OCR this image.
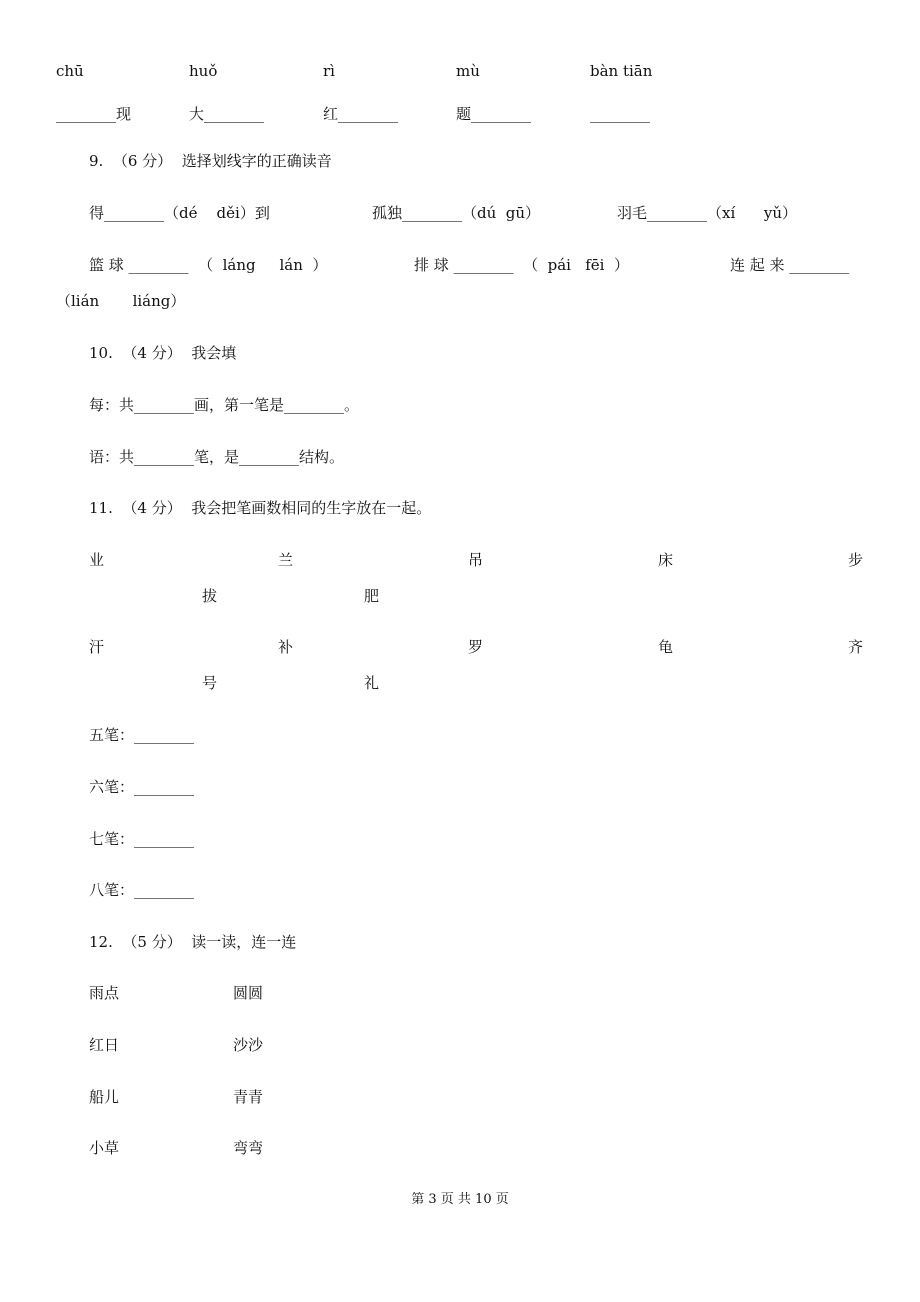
chū	huǒ	rì	mù	bàn tiān
________现	大________	红________	题________	________
9.  （6 分）  选择划线字的正确读音
得________（dé    děi）到	孤独________（dú  gū）	羽毛________（xí      yǔ）
篮 球 ________  （  láng     lán  ）	排 球 ________  （  pái   fēi  ）	连 起 来 ________
（lián       liáng）
10.  （4 分）  我会填
每：共________画，第一笔是________。
语：共________笔，是________结构。
11.  （4 分）  我会把笔画数相同的生字放在一起。
业	兰	吊	床	步
拔	肥
汗	补	罗	龟	齐
号	礼
五笔：________
六笔：________
七笔：________
八笔：________
12.  （5 分）  读一读，连一连
雨点	圆圆
红日	沙沙
船儿	青青
小草	弯弯
第 3 页 共 10 页
